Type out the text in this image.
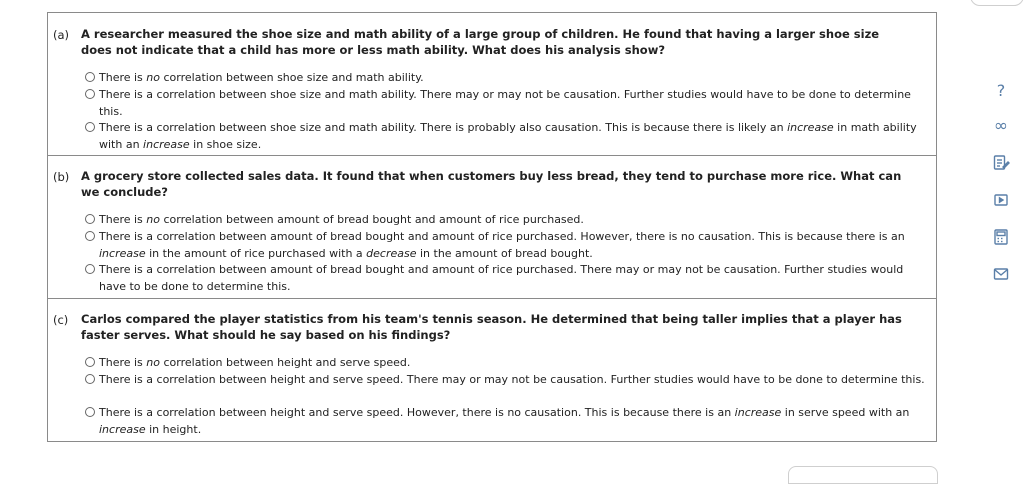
(a) A researcher measured the shoe size and math ability of a large group of children. He found that having a larger shoe size does not indicate that a child has more or less math ability. What does his analysis show?
There is no correlation between shoe size and math ability.
There is a correlation between shoe size and math ability. There may or may not be causation. Further studies would have to be done to determine this.
There is a correlation between shoe size and math ability. There is probably also causation. This is because there is likely an increase in math ability with an increase in shoe size.
(b) A grocery store collected sales data. It found that when customers buy less bread, they tend to purchase more rice. What can we conclude?
There is no correlation between amount of bread bought and amount of rice purchased.
There is a correlation between amount of bread bought and amount of rice purchased. However, there is no causation. This is because there is an increase in the amount of rice purchased with a decrease in the amount of bread bought.
There is a correlation between amount of bread bought and amount of rice purchased. There may or may not be causation. Further studies would have to be done to determine this.
(c) Carlos compared the player statistics from his team's tennis season. He determined that being taller implies that a player has faster serves. What should he say based on his findings?
There is no correlation between height and serve speed.
There is a correlation between height and serve speed. There may or may not be causation. Further studies would have to be done to determine this.
There is a correlation between height and serve speed. However, there is no causation. This is because there is an increase in serve speed with an increase in height.
?
∞
